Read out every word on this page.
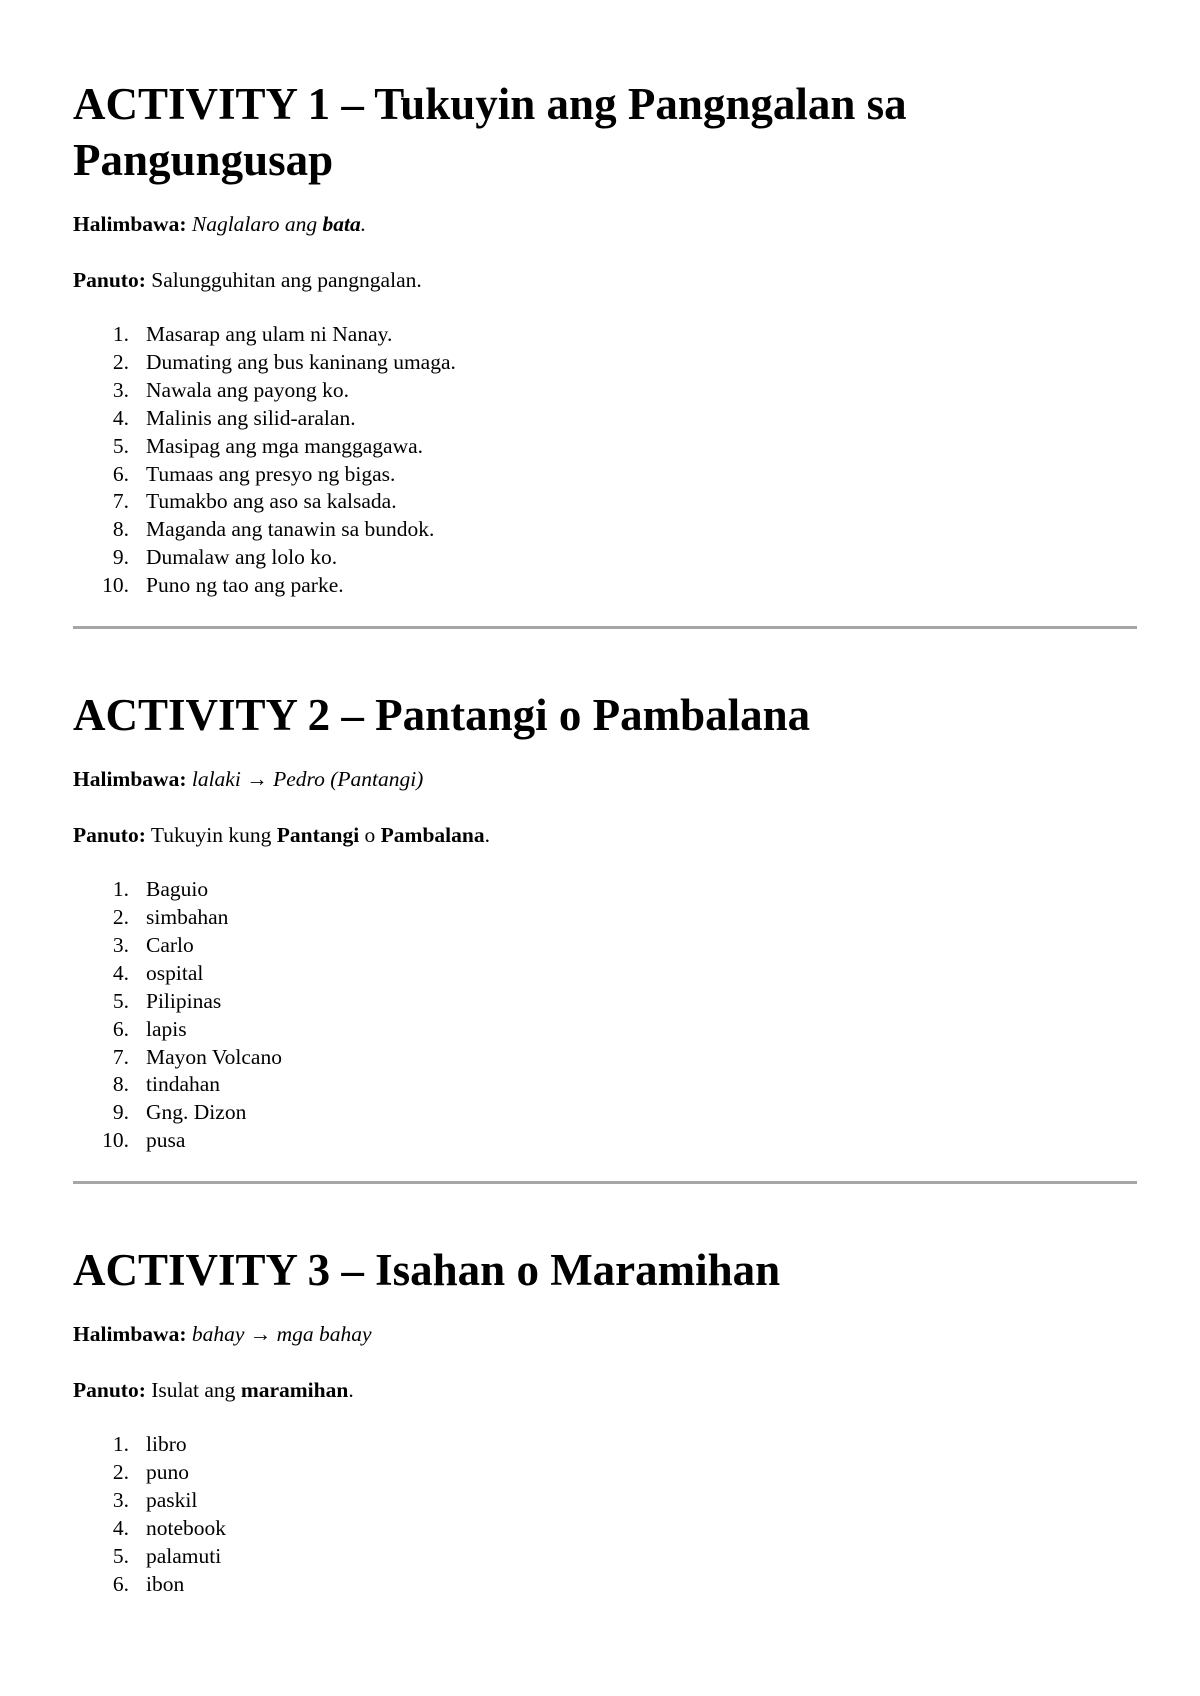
ACTIVITY 1 – Tukuyin ang Pangngalan sa
Pangungusap

Halimbawa: Naglalaro ang bata.

Panuto: Salungguhitan ang pangngalan.

1. Masarap ang ulam ni Nanay.
2. Dumating ang bus kaninang umaga.
3. Nawala ang payong ko.
4. Malinis ang silid-aralan.
5. Masipag ang mga manggagawa.
6. Tumaas ang presyo ng bigas.
7. Tumakbo ang aso sa kalsada.
8. Maganda ang tanawin sa bundok.
9. Dumalaw ang lolo ko.
10. Puno ng tao ang parke.
ACTIVITY 2 – Pantangi o Pambalana

Halimbawa: lalaki → Pedro (Pantangi)

Panuto: Tukuyin kung Pantangi o Pambalana.

1. Baguio
2. simbahan
3. Carlo
4. ospital
5. Pilipinas
6. lapis
7. Mayon Volcano
8. tindahan
9. Gng. Dizon
10. pusa
ACTIVITY 3 – Isahan o Maramihan

Halimbawa: bahay → mga bahay

Panuto: Isulat ang maramihan.

1. libro
2. puno
3. paskil
4. notebook
5. palamuti
6. ibon
